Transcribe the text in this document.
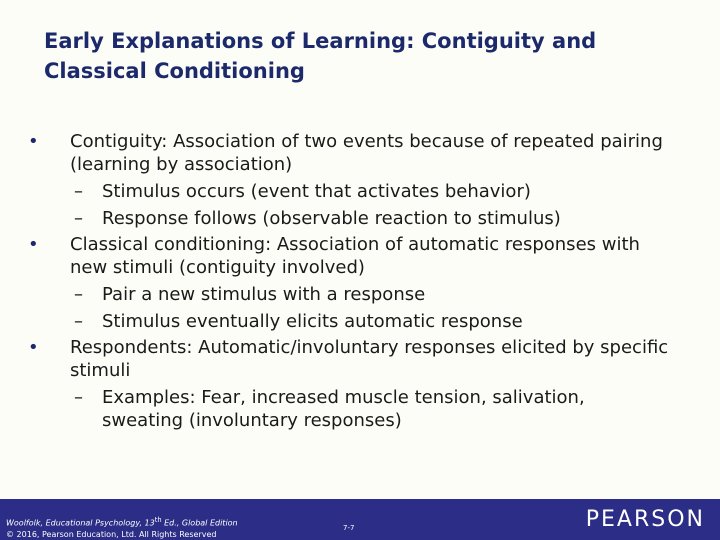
Early Explanations of Learning: Contiguity and Classical Conditioning
• Contiguity: Association of two events because of repeated pairing (learning by association)
– Stimulus occurs (event that activates behavior)
– Response follows (observable reaction to stimulus)
• Classical conditioning: Association of automatic responses with new stimuli (contiguity involved)
– Pair a new stimulus with a response
– Stimulus eventually elicits automatic response
• Respondents: Automatic/involuntary responses elicited by specific stimuli
– Examples: Fear, increased muscle tension, salivation, sweating (involuntary responses)
Woolfolk, Educational Psychology, 13th Ed., Global Edition
© 2016, Pearson Education, Ltd. All Rights Reserved
7-7	PEARSON
